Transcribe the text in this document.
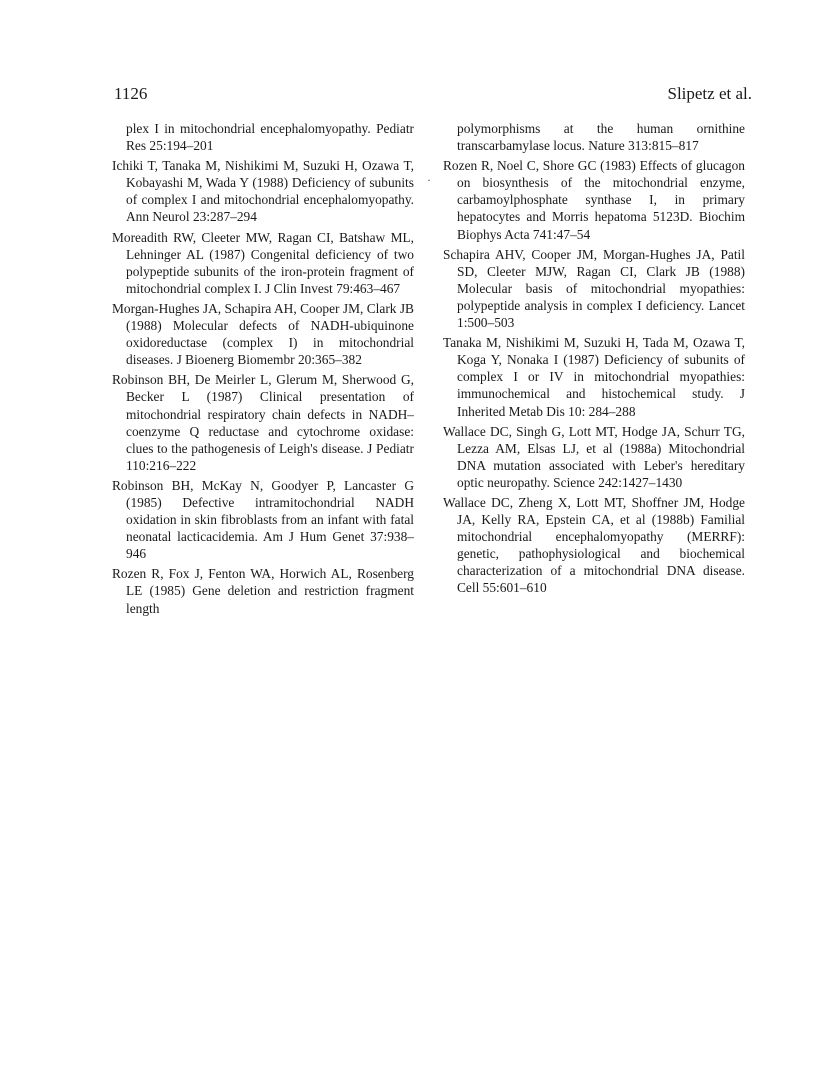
1126	Slipetz et al.
·

plex I in mitochondrial encephalomyopathy. Pediatr Res 25:194–201

Ichiki T, Tanaka M, Nishikimi M, Suzuki H, Ozawa T, Kobayashi M, Wada Y (1988) Deficiency of subunits of complex I and mitochondrial encephalomyopathy. Ann Neurol 23:287–294

Moreadith RW, Cleeter MW, Ragan CI, Batshaw ML, Lehninger AL (1987) Congenital deficiency of two polypeptide subunits of the iron-protein fragment of mitochondrial complex I. J Clin Invest 79:463–467

Morgan-Hughes JA, Schapira AH, Cooper JM, Clark JB (1988) Molecular defects of NADH-ubiquinone oxidoreductase (complex I) in mitochondrial diseases. J Bioenerg Biomembr 20:365–382

Robinson BH, De Meirler L, Glerum M, Sherwood G, Becker L (1987) Clinical presentation of mitochondrial respiratory chain defects in NADH–coenzyme Q reductase and cytochrome oxidase: clues to the pathogenesis of Leigh's disease. J Pediatr 110:216–222

Robinson BH, McKay N, Goodyer P, Lancaster G (1985) Defective intramitochondrial NADH oxidation in skin fibroblasts from an infant with fatal neonatal lacticacidemia. Am J Hum Genet 37:938–946

Rozen R, Fox J, Fenton WA, Horwich AL, Rosenberg LE (1985) Gene deletion and restriction fragment length

polymorphisms at the human ornithine transcarbamylase locus. Nature 313:815–817

Rozen R, Noel C, Shore GC (1983) Effects of glucagon on biosynthesis of the mitochondrial enzyme, carbamoylphosphate synthase I, in primary hepatocytes and Morris hepatoma 5123D. Biochim Biophys Acta 741:47–54

Schapira AHV, Cooper JM, Morgan-Hughes JA, Patil SD, Cleeter MJW, Ragan CI, Clark JB (1988) Molecular basis of mitochondrial myopathies: polypeptide analysis in complex I deficiency. Lancet 1:500–503

Tanaka M, Nishikimi M, Suzuki H, Tada M, Ozawa T, Koga Y, Nonaka I (1987) Deficiency of subunits of complex I or IV in mitochondrial myopathies: immunochemical and histochemical study. J Inherited Metab Dis 10: 284–288

Wallace DC, Singh G, Lott MT, Hodge JA, Schurr TG, Lezza AM, Elsas LJ, et al (1988a) Mitochondrial DNA mutation associated with Leber's hereditary optic neuropathy. Science 242:1427–1430

Wallace DC, Zheng X, Lott MT, Shoffner JM, Hodge JA, Kelly RA, Epstein CA, et al (1988b) Familial mitochondrial encephalomyopathy (MERRF): genetic, pathophysiological and biochemical characterization of a mitochondrial DNA disease. Cell 55:601–610
